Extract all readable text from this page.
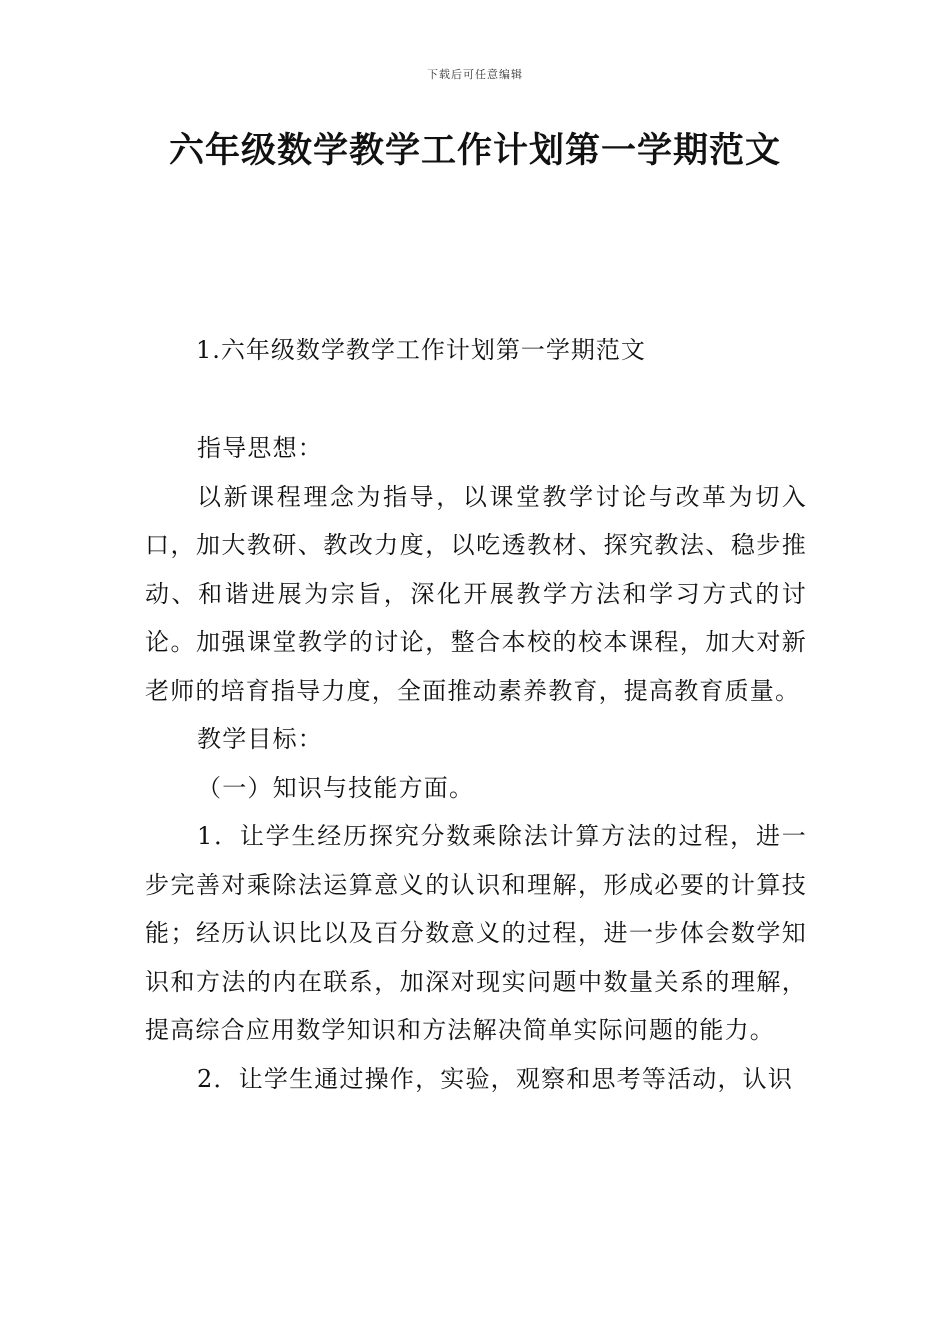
下载后可任意编辑
六年级数学教学工作计划第一学期范文

1.六年级数学教学工作计划第一学期范文

指导思想：

以新课程理念为指导，以课堂教学讨论与改革为切入口，加大教研、教改力度，以吃透教材、探究教法、稳步推动、和谐进展为宗旨，深化开展教学方法和学习方式的讨论。加强课堂教学的讨论，整合本校的校本课程，加大对新老师的培育指导力度，全面推动素养教育，提高教育质量。

教学目标：

（一）知识与技能方面。

1．让学生经历探究分数乘除法计算方法的过程，进一步完善对乘除法运算意义的认识和理解，形成必要的计算技能；经历认识比以及百分数意义的过程，进一步体会数学知识和方法的内在联系，加深对现实问题中数量关系的理解，提高综合应用数学知识和方法解决简单实际问题的能力。

2．让学生通过操作，实验，观察和思考等活动，认识
